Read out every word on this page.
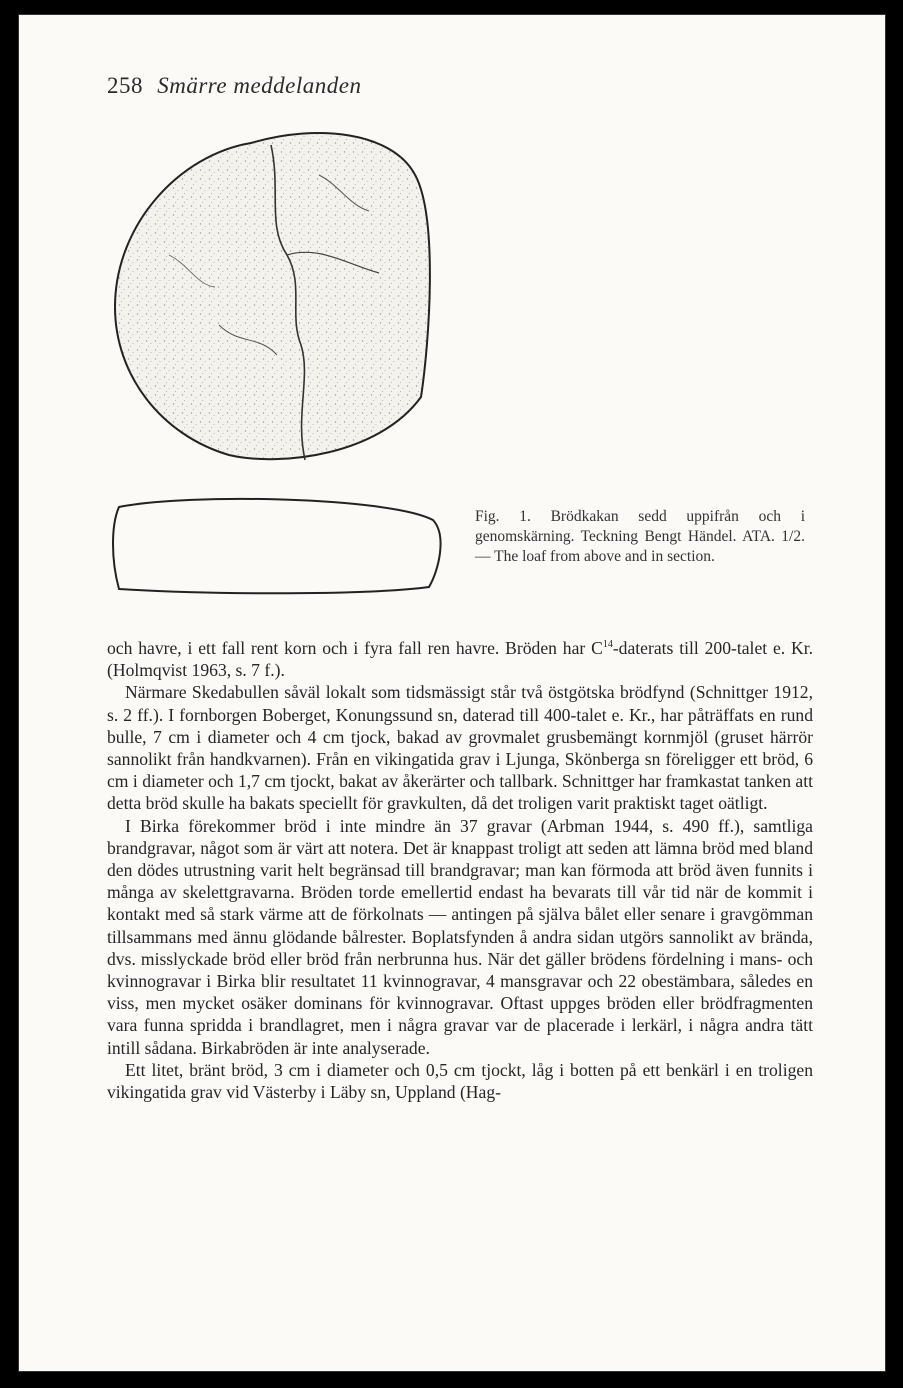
258 Smärre meddelanden
Fig. 1. Brödkakan sedd uppifrån och i genomskärning. Teckning Bengt Händel. ATA. 1/2. — The loaf from above and in section.

och havre, i ett fall rent korn och i fyra fall ren havre. Bröden har $C^{14}$-daterats till 200-talet e. Kr. (Holmqvist 1963, s. 7 f.).

Närmare Skedabullen såväl lokalt som tidsmässigt står två östgötska brödfynd (Schnittger 1912, s. 2 ff.). I fornborgen Boberget, Konungssund sn, daterad till 400-talet e. Kr., har påträffats en rund bulle, 7 cm i diameter och 4 cm tjock, bakad av grovmalet grusbemängt kornmjöl (gruset härrör sannolikt från handkvarnen). Från en vikingatida grav i Ljunga, Skönberga sn föreligger ett bröd, 6 cm i diameter och 1,7 cm tjockt, bakat av åkerärter och tallbark. Schnittger har framkastat tanken att detta bröd skulle ha bakats speciellt för gravkulten, då det troligen varit praktiskt taget oätligt.

I Birka förekommer bröd i inte mindre än 37 gravar (Arbman 1944, s. 490 ff.), samtliga brandgravar, något som är värt att notera. Det är knappast troligt att seden att lämna bröd med bland den dödes utrustning varit helt begränsad till brandgravar; man kan förmoda att bröd även funnits i många av skelettgravarna. Bröden torde emellertid endast ha bevarats till vår tid när de kommit i kontakt med så stark värme att de förkolnats — antingen på själva bålet eller senare i gravgömman tillsammans med ännu glödande bålrester. Boplatsfynden å andra sidan utgörs sannolikt av brända, dvs. misslyckade bröd eller bröd från nerbrunna hus. När det gäller brödens fördelning i mans- och kvinnogravar i Birka blir resultatet 11 kvinnogravar, 4 mansgravar och 22 obestämbara, således en viss, men mycket osäker dominans för kvinnogravar. Oftast uppges bröden eller brödfragmenten vara funna spridda i brandlagret, men i några gravar var de placerade i lerkärl, i några andra tätt intill sådana. Birkabröden är inte analyserade.

Ett litet, bränt bröd, 3 cm i diameter och 0,5 cm tjockt, låg i botten på ett benkärl i en troligen vikingatida grav vid Västerby i Läby sn, Uppland (Hag-
